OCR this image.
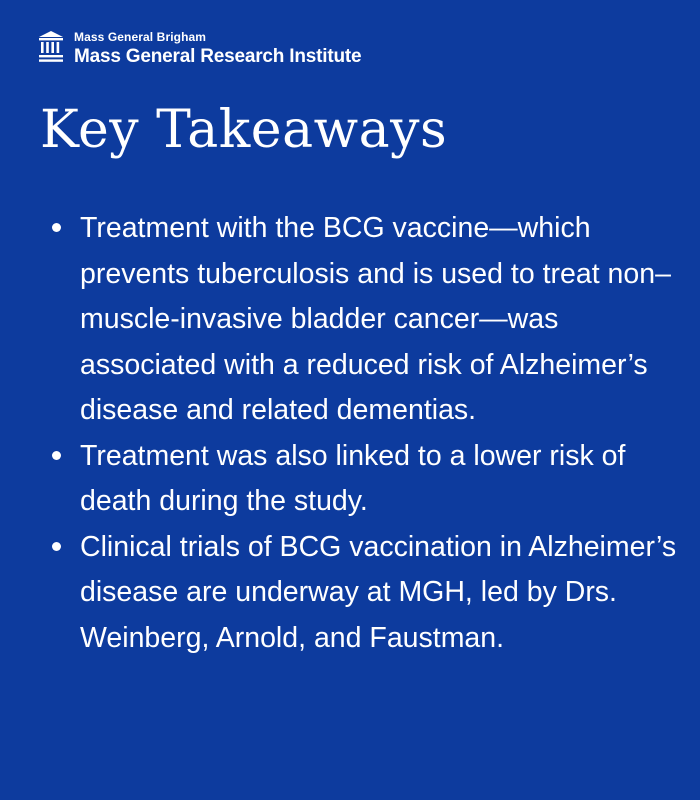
Mass General Brigham
Mass General Research Institute
Key Takeaways
Treatment with the BCG vaccine—which prevents tuberculosis and is used to treat non–muscle-invasive bladder cancer—was associated with a reduced risk of Alzheimer’s disease and related dementias.
Treatment was also linked to a lower risk of death during the study.
Clinical trials of BCG vaccination in Alzheimer’s disease are underway at MGH, led by Drs. Weinberg, Arnold, and Faustman.
